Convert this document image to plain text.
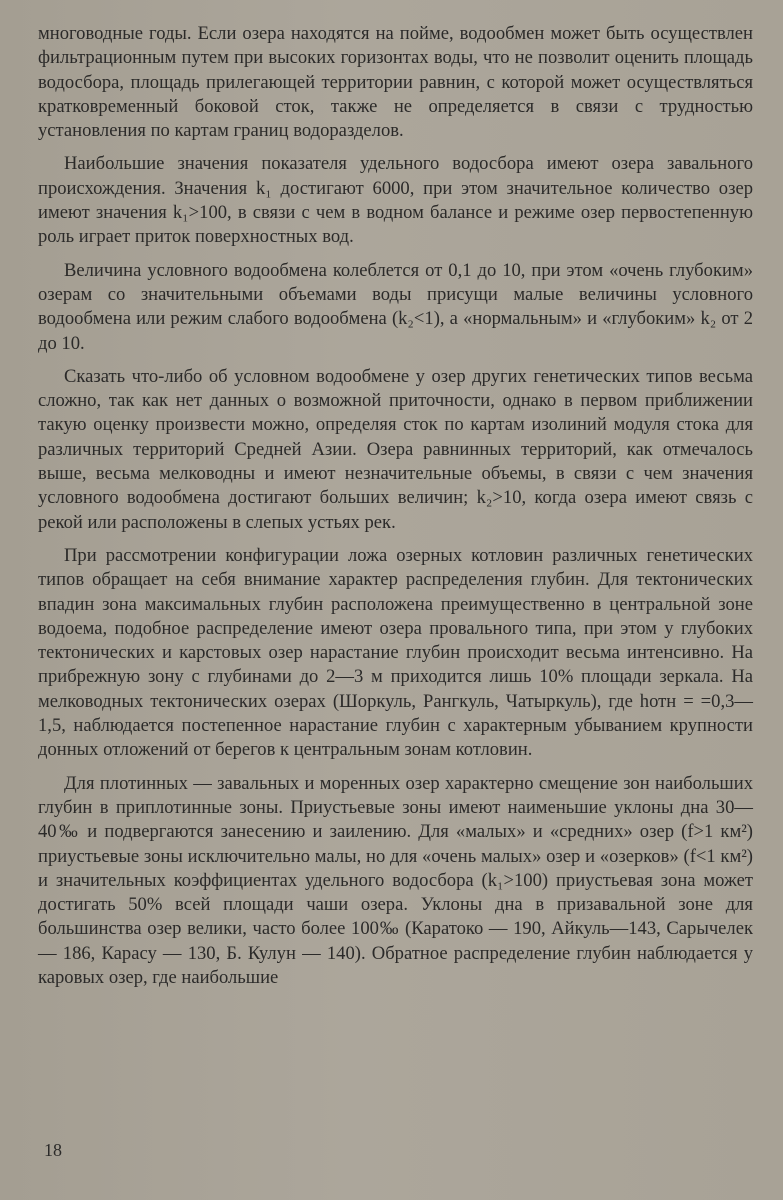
многоводные годы. Если озера находятся на пойме, водообмен может быть осуществлен фильтрационным путем при высоких горизонтах воды, что не позволит оценить площадь водосбора, площадь прилегающей территории равнин, с которой может осуществляться кратковременный боковой сток, также не определяется в связи с трудностью установления по картам границ водоразделов.

Наибольшие значения показателя удельного водосбора имеют озера завального происхождения. Значения k₁ достигают 6000, при этом значительное количество озер имеют значения k₁>100, в связи с чем в водном балансе и режиме озер первостепенную роль играет приток поверхностных вод.

Величина условного водообмена колеблется от 0,1 до 10, при этом «очень глубоким» озерам со значительными объемами воды присущи малые величины условного водообмена или режим слабого водообмена (k₂<1), а «нормальным» и «глубоким» k₂ от 2 до 10.

Сказать что-либо об условном водообмене у озер других генетических типов весьма сложно, так как нет данных о возможной приточности, однако в первом приближении такую оценку произвести можно, определяя сток по картам изолиний модуля стока для различных территорий Средней Азии. Озера равнинных территорий, как отмечалось выше, весьма мелководны и имеют незначительные объемы, в связи с чем значения условного водообмена достигают больших величин; k₂>10, когда озера имеют связь с рекой или расположены в слепых устьях рек.

При рассмотрении конфигурации ложа озерных котловин различных генетических типов обращает на себя внимание характер распределения глубин. Для тектонических впадин зона максимальных глубин расположена преимущественно в центральной зоне водоема, подобное распределение имеют озера провального типа, при этом у глубоких тектонических и карстовых озер нарастание глубин происходит весьма интенсивно. На прибрежную зону с глубинами до 2—3 м приходится лишь 10% площади зеркала. На мелководных тектонических озерах (Шоркуль, Рангкуль, Чатыркуль), где hотн = =0,3—1,5, наблюдается постепенное нарастание глубин с характерным убыванием крупности донных отложений от берегов к центральным зонам котловин.

Для плотинных — завальных и моренных озер характерно смещение зон наибольших глубин в приплотинные зоны. Приустьевые зоны имеют наименьшие уклоны дна 30—40‰ и подвергаются занесению и заилению. Для «малых» и «средних» озер (f>1 км²) приустьевые зоны исключительно малы, но для «очень малых» озер и «озерков» (f<1 км²) и значительных коэффициентах удельного водосбора (k₁>100) приустьевая зона может достигать 50% всей площади чаши озера. Уклоны дна в призавальной зоне для большинства озер велики, часто более 100‰ (Каратоко — 190, Айкуль—143, Сарычелек — 186, Карасу — 130, Б. Кулун — 140). Обратное распределение глубин наблюдается у каровых озер, где наибольшие

18
